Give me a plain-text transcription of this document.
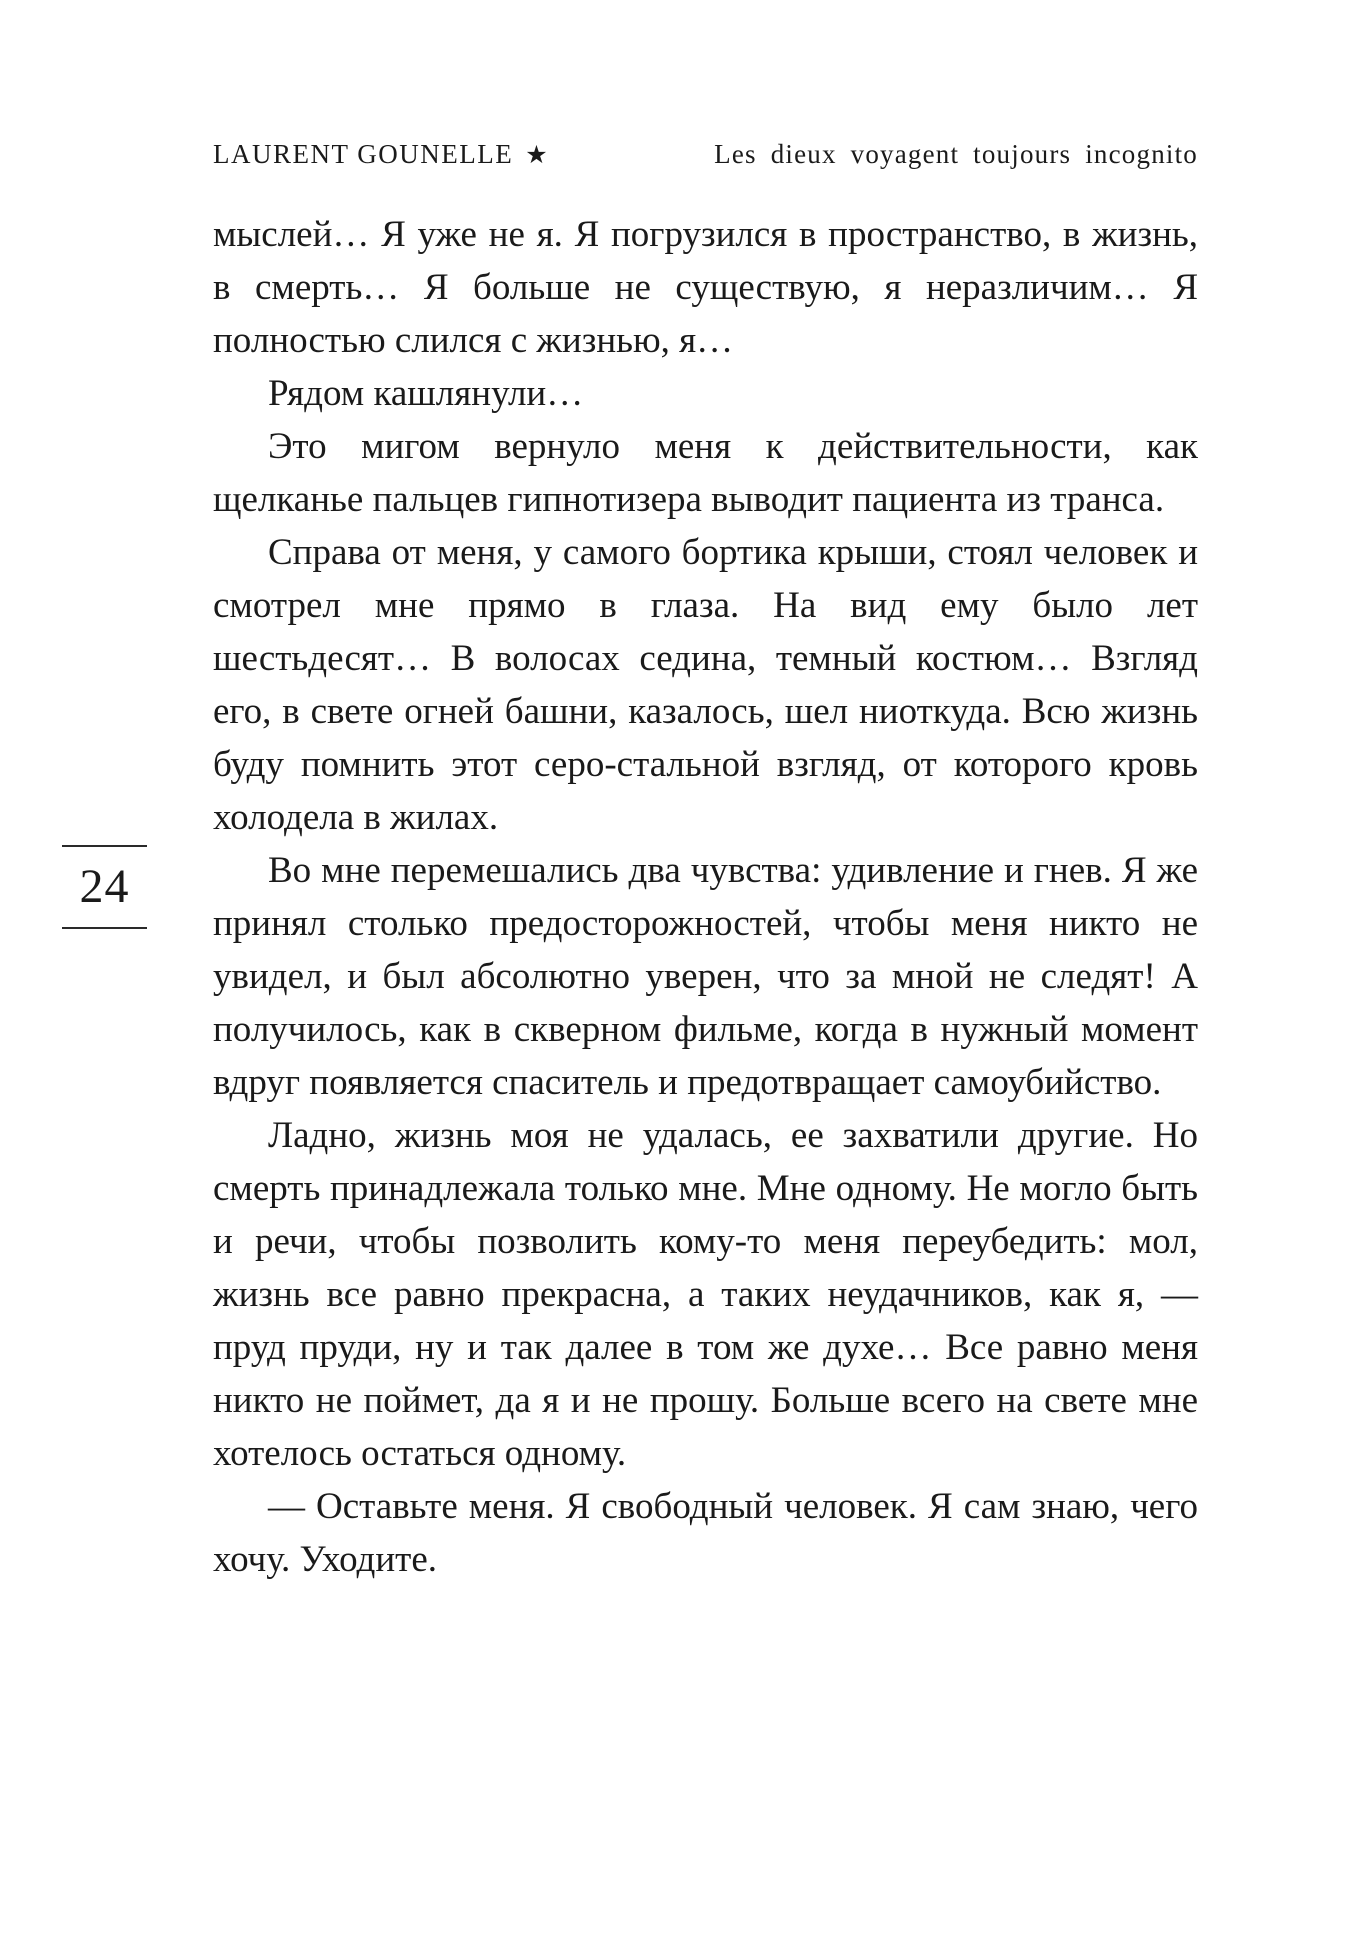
LAURENT GOUNELLE ★	Les dieux voyagent toujours incognito
24

мыслей… Я уже не я. Я погрузился в пространство, в жизнь, в смерть… Я больше не существую, я неразличим… Я полностью слился с жизнью, я…

Рядом кашлянули…

Это мигом вернуло меня к действительности, как щелканье пальцев гипнотизера выводит пациента из транса.

Справа от меня, у самого бортика крыши, стоял человек и смотрел мне прямо в глаза. На вид ему было лет шестьдесят… В волосах седина, темный костюм… Взгляд его, в свете огней башни, казалось, шел ниоткуда. Всю жизнь буду помнить этот серо-стальной взгляд, от которого кровь холодела в жилах.

Во мне перемешались два чувства: удивление и гнев. Я же принял столько предосторожностей, чтобы меня никто не увидел, и был абсолютно уверен, что за мной не следят! А получилось, как в скверном фильме, когда в нужный момент вдруг появляется спаситель и предотвращает самоубийство.

Ладно, жизнь моя не удалась, ее захватили другие. Но смерть принадлежала только мне. Мне одному. Не могло быть и речи, чтобы позволить кому-то меня переубедить: мол, жизнь все равно прекрасна, а таких неудачников, как я, — пруд пруди, ну и так далее в том же духе… Все равно меня никто не поймет, да я и не прошу. Больше всего на свете мне хотелось остаться одному.

— Оставьте меня. Я свободный человек. Я сам знаю, чего хочу. Уходите.
